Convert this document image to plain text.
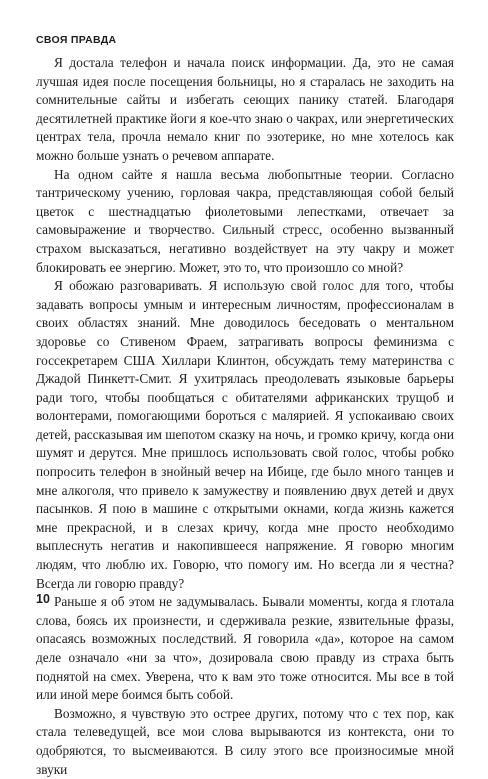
СВОЯ ПРАВДА

Я достала телефон и начала поиск информации. Да, это не самая лучшая идея после посещения больницы, но я старалась не заходить на сомнительные сайты и избегать сеющих панику статей. Благодаря десятилетней практике йоги я кое-что знаю о чакрах, или энергетических центрах тела, прочла немало книг по эзотерике, но мне хотелось как можно больше узнать о речевом аппарате.

На одном сайте я нашла весьма любопытные теории. Согласно тантрическому учению, горловая чакра, представляющая собой белый цветок с шестнадцатью фиолетовыми лепестками, отвечает за самовыражение и творчество. Сильный стресс, особенно вызванный страхом высказаться, негативно воздействует на эту чакру и может блокировать ее энергию. Может, это то, что произошло со мной?

Я обожаю разговаривать. Я использую свой голос для того, чтобы задавать вопросы умным и интересным личностям, профессионалам в своих областях знаний. Мне доводилось беседовать о ментальном здоровье со Стивеном Фраем, затрагивать вопросы феминизма с госсекретарем США Хиллари Клинтон, обсуждать тему материнства с Джадой Пинкетт-Смит. Я ухитрялась преодолевать языковые барьеры ради того, чтобы пообщаться с обитателями африканских трущоб и волонтерами, помогающими бороться с малярией. Я успокаиваю своих детей, рассказывая им шепотом сказку на ночь, и громко кричу, когда они шумят и дерутся. Мне пришлось использовать свой голос, чтобы робко попросить телефон в знойный вечер на Ибице, где было много танцев и мне алкоголя, что привело к замужеству и появлению двух детей и двух пасынков. Я пою в машине с открытыми окнами, когда жизнь кажется мне прекрасной, и в слезах кричу, когда мне просто необходимо выплеснуть негатив и накопившееся напряжение. Я говорю многим людям, что люблю их. Говорю, что помогу им. Но всегда ли я честна? Всегда ли говорю правду?

Раньше я об этом не задумывалась. Бывали моменты, когда я глотала слова, боясь их произнести, и сдерживала резкие, язвительные фразы, опасаясь возможных последствий. Я говорила «да», которое на самом деле означало «ни за что», дозировала свою правду из страха быть поднятой на смех. Уверена, что к вам это тоже относится. Мы все в той или иной мере боимся быть собой.

Возможно, я чувствую это острее других, потому что с тех пор, как стала телеведущей, все мои слова вырываются из контекста, они то одобряются, то высмеиваются. В силу этого все произносимые мной звуки

10
